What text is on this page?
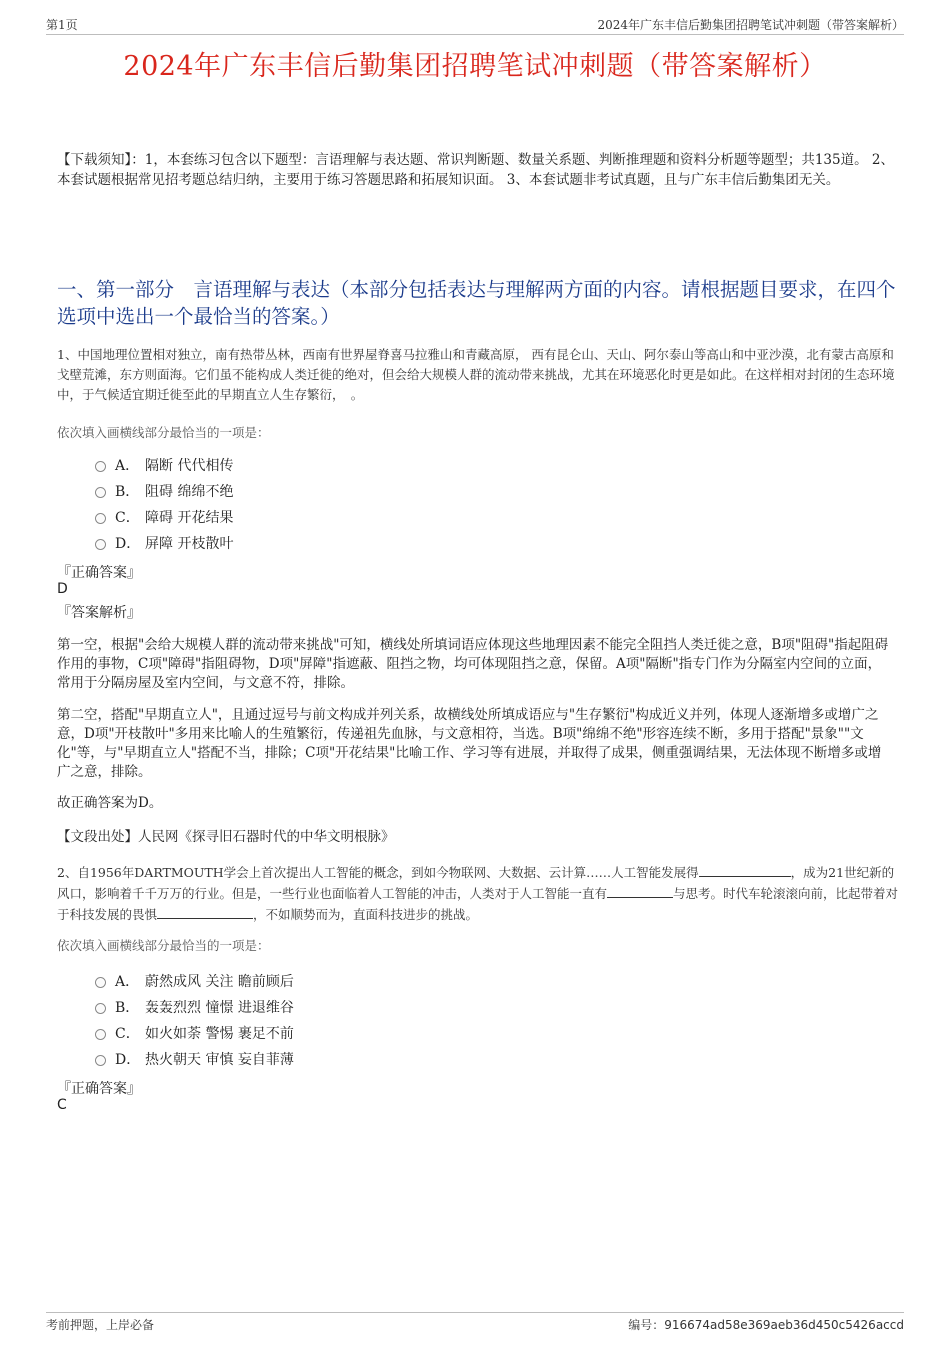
第1页	2024年广东丰信后勤集团招聘笔试冲刺题（带答案解析）
2024年广东丰信后勤集团招聘笔试冲刺题（带答案解析）
【下载须知】：1，本套练习包含以下题型：言语理解与表达题、常识判断题、数量关系题、判断推理题和资料分析题等题型；共135道。 2、本套试题根据常见招考题总结归纳，主要用于练习答题思路和拓展知识面。 3、本套试题非考试真题，且与广东丰信后勤集团无关。
一、第一部分　言语理解与表达（本部分包括表达与理解两方面的内容。请根据题目要求，在四个选项中选出一个最恰当的答案。）
1、中国地理位置相对独立，南有热带丛林，西南有世界屋脊喜马拉雅山和青藏高原， 西有昆仑山、天山、阿尔泰山等高山和中亚沙漠，北有蒙古高原和戈壁荒滩，东方则面海。它们虽不能构成人类迁徙的绝对，但会给大规模人群的流动带来挑战，尤其在环境恶化时更是如此。在这样相对封闭的生态环境中，于气候适宜期迁徙至此的早期直立人生存繁衍，　。
依次填入画横线部分最恰当的一项是：
A． 隔断 代代相传
B． 阻碍 绵绵不绝
C． 障碍 开花结果
D． 屏障 开枝散叶
『正确答案』
D
『答案解析』
第一空，根据"会给大规模人群的流动带来挑战"可知，横线处所填词语应体现这些地理因素不能完全阻挡人类迁徙之意，B项"阻碍"指起阻碍作用的事物，C项"障碍"指阻碍物，D项"屏障"指遮蔽、阻挡之物，均可体现阻挡之意，保留。A项"隔断"指专门作为分隔室内空间的立面，常用于分隔房屋及室内空间，与文意不符，排除。
第二空，搭配"早期直立人"，且通过逗号与前文构成并列关系，故横线处所填成语应与"生存繁衍"构成近义并列，体现人逐渐增多或增广之意，D项"开枝散叶"多用来比喻人的生殖繁衍，传递祖先血脉，与文意相符，当选。B项"绵绵不绝"形容连续不断，多用于搭配"景象""文化"等，与"早期直立人"搭配不当，排除；C项"开花结果"比喻工作、学习等有进展，并取得了成果，侧重强调结果，无法体现不断增多或增广之意，排除。
故正确答案为D。
【文段出处】人民网《探寻旧石器时代的中华文明根脉》
2、自1956年DARTMOUTH学会上首次提出人工智能的概念，到如今物联网、大数据、云计算……人工智能发展得	，成为21世纪新的风口，影响着千千万万的行业。但是，一些行业也面临着人工智能的冲击，人类对于人工智能一直有	与思考。时代车轮滚滚向前，比起带着对于科技发展的畏惧	，不如顺势而为，直面科技进步的挑战。
依次填入画横线部分最恰当的一项是：
A． 蔚然成风 关注 瞻前顾后
B． 轰轰烈烈 憧憬 进退维谷
C． 如火如荼 警惕 裹足不前
D． 热火朝天 审慎 妄自菲薄
『正确答案』
C
考前押题，上岸必备	编号：916674ad58e369aeb36d450c5426accd
